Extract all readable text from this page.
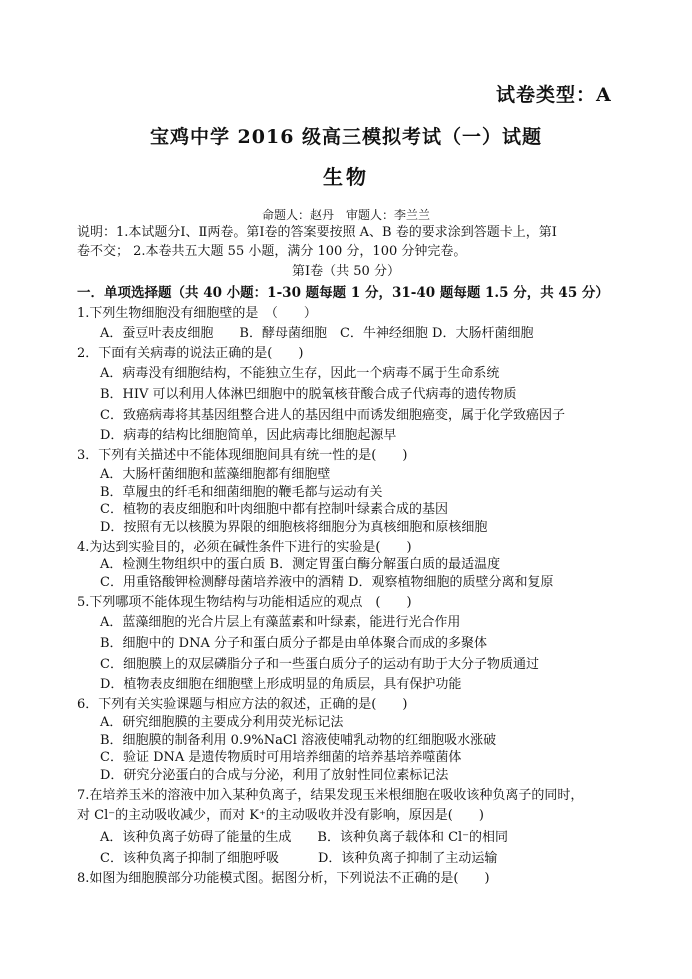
试卷类型：A
宝鸡中学 2016 级高三模拟考试（一）试题
生物
命题人：赵丹　审题人：李兰兰
说明：1.本试题分Ⅰ、Ⅱ两卷。第Ⅰ卷的答案要按照 A、B 卷的要求涂到答题卡上，第Ⅰ
卷不交； 2.本卷共五大题 55 小题，满分 100 分，100 分钟完卷。
第Ⅰ卷（共 50 分）
一．单项选择题（共 40 小题：1-30 题每题 1 分，31-40 题每题 1.5 分，共 45 分）
1.下列生物细胞没有细胞壁的是　（　　）
A．蚕豆叶表皮细胞　　B．酵母菌细胞　C．牛神经细胞 D．大肠杆菌细胞
2．下面有关病毒的说法正确的是(　　)
A．病毒没有细胞结构，不能独立生存，因此一个病毒不属于生命系统
B．HIV 可以利用人体淋巴细胞中的脱氧核苷酸合成子代病毒的遗传物质
C．致癌病毒将其基因组整合进人的基因组中而诱发细胞癌变，属于化学致癌因子
D．病毒的结构比细胞简单，因此病毒比细胞起源早
3．下列有关描述中不能体现细胞间具有统一性的是(　　)
A．大肠杆菌细胞和蓝藻细胞都有细胞壁
B．草履虫的纤毛和细菌细胞的鞭毛都与运动有关
C．植物的表皮细胞和叶肉细胞中都有控制叶绿素合成的基因
D．按照有无以核膜为界限的细胞核将细胞分为真核细胞和原核细胞
4.为达到实验目的，必须在碱性条件下进行的实验是(　　)
A．检测生物组织中的蛋白质 B．测定胃蛋白酶分解蛋白质的最适温度
C．用重铬酸钾检测酵母菌培养液中的酒精 D．观察植物细胞的质壁分离和复原
5.下列哪项不能体现生物结构与功能相适应的观点　(　　)
A．蓝藻细胞的光合片层上有藻蓝素和叶绿素，能进行光合作用
B．细胞中的 DNA 分子和蛋白质分子都是由单体聚合而成的多聚体
C．细胞膜上的双层磷脂分子和一些蛋白质分子的运动有助于大分子物质通过
D．植物表皮细胞在细胞壁上形成明显的角质层，具有保护功能
6．下列有关实验课题与相应方法的叙述，正确的是(　　)
A．研究细胞膜的主要成分利用荧光标记法
B．细胞膜的制备利用 0.9%NaCl 溶液使哺乳动物的红细胞吸水涨破
C．验证 DNA 是遗传物质时可用培养细菌的培养基培养噬菌体
D．研究分泌蛋白的合成与分泌，利用了放射性同位素标记法
7.在培养玉米的溶液中加入某种负离子，结果发现玉米根细胞在吸收该种负离子的同时，
对 Cl⁻的主动吸收减少，而对 K⁺的主动吸收并没有影响，原因是(　　)
A．该种负离子妨碍了能量的生成　　B．该种负离子载体和 Cl⁻的相同
C．该种负离子抑制了细胞呼吸　　　D．该种负离子抑制了主动运输
8.如图为细胞膜部分功能模式图。据图分析，下列说法不正确的是(　　)
